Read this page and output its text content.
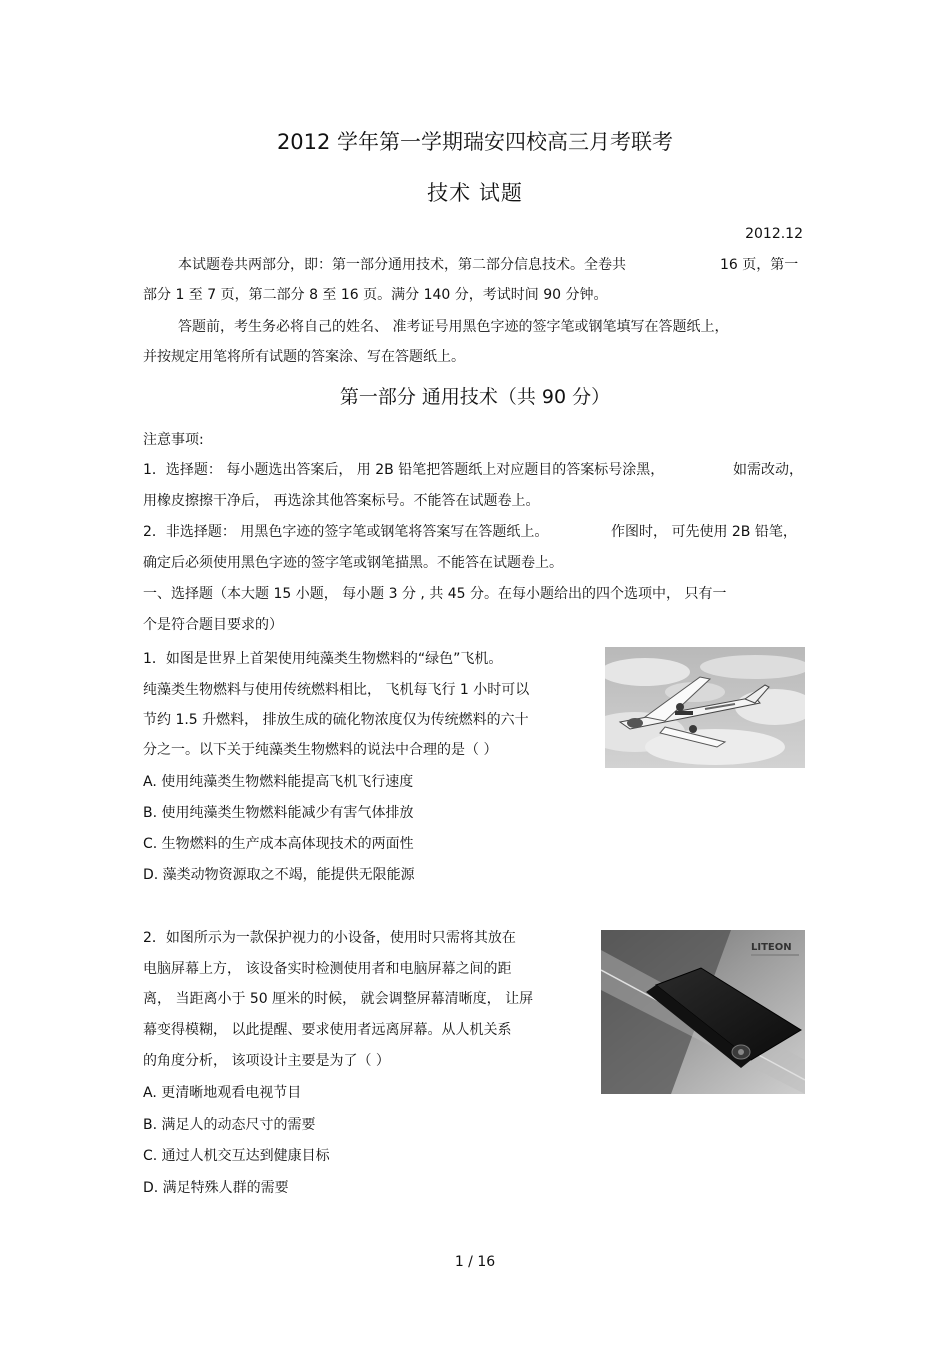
2012 学年第一学期瑞安四校高三月考联考
技术 试题
2012.12
本试题卷共两部分，即：第一部分通用技术，第二部分信息技术。全卷共	16 页，第一
部分 1 至 7 页，第二部分 8 至 16 页。满分 140 分，考试时间 90 分钟。
答题前，考生务必将自己的姓名、 准考证号用黑色字迹的签字笔或钢笔填写在答题纸上，
并按规定用笔将所有试题的答案涂、写在答题纸上。
第一部分 通用技术（共 90 分）
注意事项:
1．选择题： 每小题选出答案后， 用 2B 铅笔把答题纸上对应题目的答案标号涂黑，	如需改动，
用橡皮擦擦干净后， 再选涂其他答案标号。不能答在试题卷上。
2．非选择题： 用黑色字迹的签字笔或钢笔将答案写在答题纸上。	作图时， 可先使用 2B 铅笔，
确定后必须使用黑色字迹的签字笔或钢笔描黑。不能答在试题卷上。
一、选择题（本大题 15 小题， 每小题 3 分 , 共 45 分。在每小题给出的四个选项中， 只有一
个是符合题目要求的）
1．如图是世界上首架使用纯藻类生物燃料的“绿色”飞机。
纯藻类生物燃料与使用传统燃料相比， 飞机每飞行 1 小时可以
节约 1.5 升燃料， 排放生成的硫化物浓度仅为传统燃料的六十
分之一。以下关于纯藻类生物燃料的说法中合理的是（ ）
A. 使用纯藻类生物燃料能提高飞机飞行速度
B. 使用纯藻类生物燃料能减少有害气体排放
C. 生物燃料的生产成本高体现技术的两面性
D. 藻类动物资源取之不竭，能提供无限能源
2．如图所示为一款保护视力的小设备，使用时只需将其放在
电脑屏幕上方， 该设备实时检测使用者和电脑屏幕之间的距
离， 当距离小于 50 厘米的时候， 就会调整屏幕清晰度， 让屏
幕变得模糊， 以此提醒、要求使用者远离屏幕。从人机关系
的角度分析， 该项设计主要是为了（ ）
A. 更清晰地观看电视节目
B. 满足人的动态尺寸的需要
C. 通过人机交互达到健康目标
D. 满足特殊人群的需要
LITEON
1 / 16
